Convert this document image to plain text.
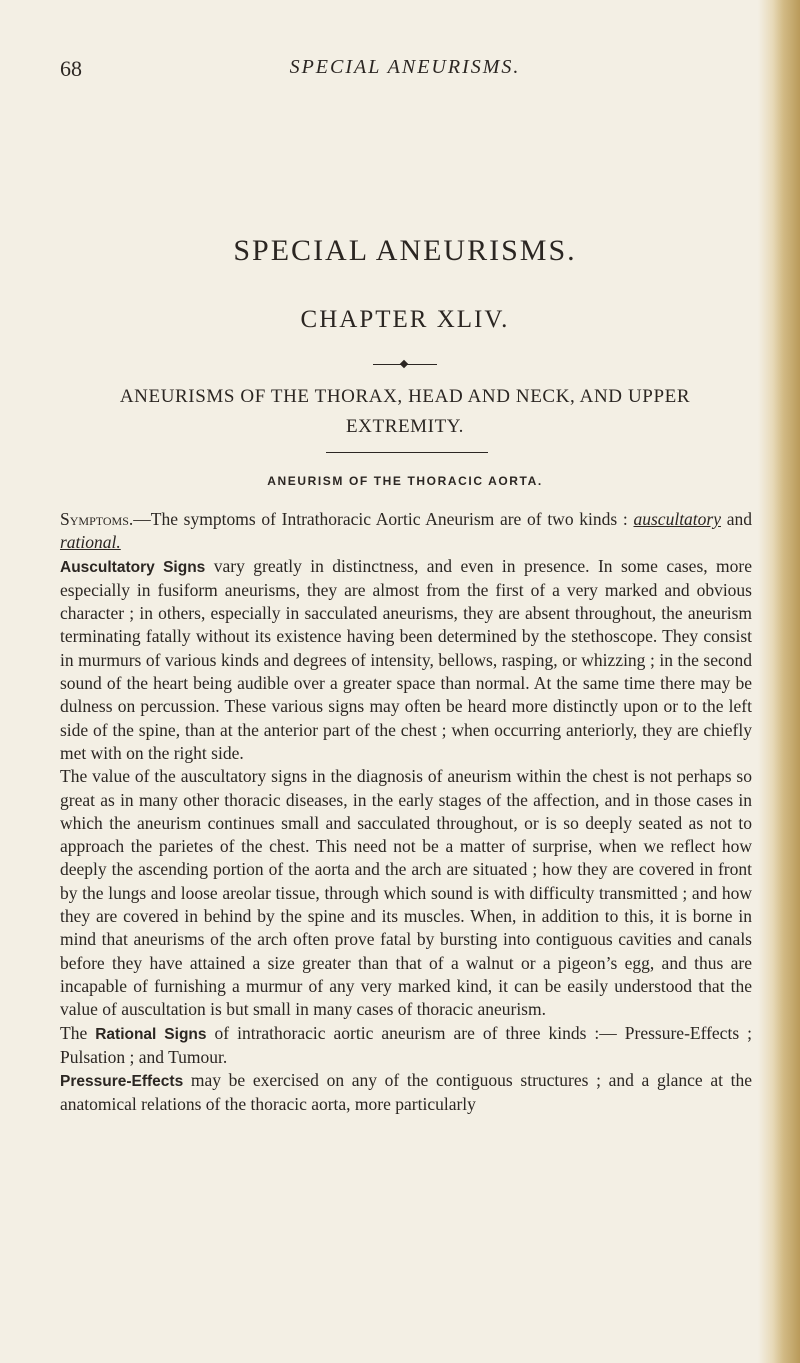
68	SPECIAL ANEURISMS.
SPECIAL ANEURISMS.
CHAPTER XLIV.
ANEURISMS OF THE THORAX, HEAD AND NECK, AND UPPER
EXTREMITY.
ANEURISM OF THE THORACIC AORTA.

Symptoms.—The symptoms of Intrathoracic Aortic Aneurism are of two kinds : auscultatory and rational.

Auscultatory Signs vary greatly in distinctness, and even in presence. In some cases, more especially in fusiform aneurisms, they are almost from the first of a very marked and obvious character ; in others, especially in sacculated aneurisms, they are absent throughout, the aneurism terminating fatally without its existence having been determined by the stethoscope. They consist in murmurs of various kinds and degrees of intensity, bellows, rasping, or whizzing ; in the second sound of the heart being audible over a greater space than normal. At the same time there may be dulness on percussion. These various signs may often be heard more distinctly upon or to the left side of the spine, than at the anterior part of the chest ; when occurring anteriorly, they are chiefly met with on the right side.

The value of the auscultatory signs in the diagnosis of aneurism within the chest is not perhaps so great as in many other thoracic diseases, in the early stages of the affection, and in those cases in which the aneurism continues small and sacculated throughout, or is so deeply seated as not to approach the parietes of the chest. This need not be a matter of surprise, when we reflect how deeply the ascending portion of the aorta and the arch are situated ; how they are covered in front by the lungs and loose areolar tissue, through which sound is with difficulty transmitted ; and how they are covered in behind by the spine and its muscles. When, in addition to this, it is borne in mind that aneurisms of the arch often prove fatal by bursting into contiguous cavities and canals before they have attained a size greater than that of a walnut or a pigeon’s egg, and thus are incapable of furnishing a murmur of any very marked kind, it can be easily understood that the value of auscultation is but small in many cases of thoracic aneurism.

The Rational Signs of intrathoracic aortic aneurism are of three kinds :— Pressure-Effects ; Pulsation ; and Tumour.

Pressure-Effects may be exercised on any of the contiguous structures ; and a glance at the anatomical relations of the thoracic aorta, more particularly
